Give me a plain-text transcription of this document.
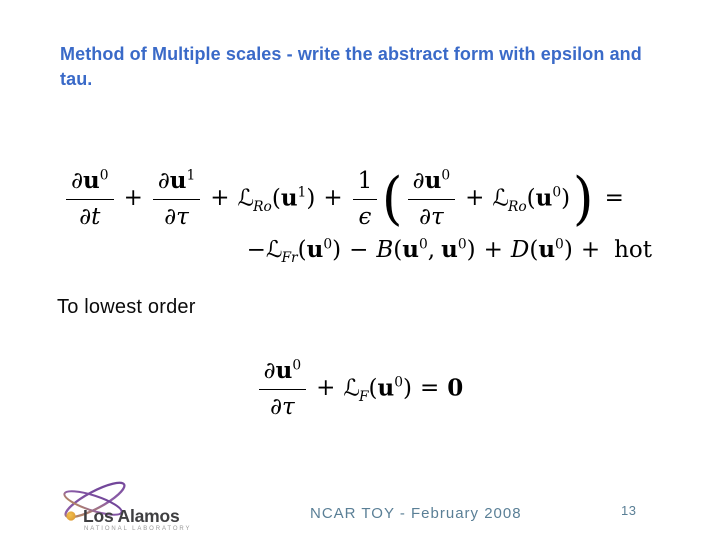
Method of Multiple scales - write the abstract form with epsilon and
tau.
$\frac{\partial u^0}{\partial t} + \frac{\partial u^1}{\partial\tau}$ + $ℒ_{Ro}(u^1) + \frac{1}{\epsilon}$ ( $\frac{\partial u^0}{\partial\tau}$ + $ℒ_{Ro}(u^0)$) =
$-ℒ_{Fr}(u^0) - B(u^0$, $u^0) + D(u^0)$ + hot
To lowest order
$\frac{\partial u^0}{\partial\tau}$ + $ℒ_F(u^0) = 0$
Los Alamos
NATIONAL LABORATORY
NCAR TOY - February 2008	13
